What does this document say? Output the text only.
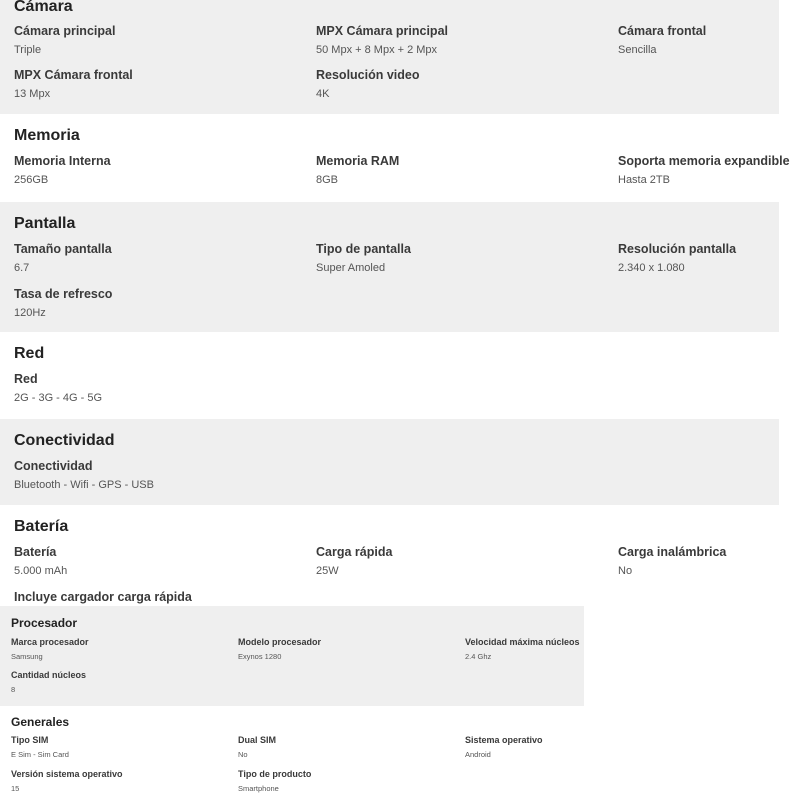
Cámara
Cámara principal
Triple
MPX Cámara principal
50 Mpx + 8 Mpx + 2 Mpx
Cámara frontal
Sencilla
MPX Cámara frontal
13 Mpx
Resolución video
4K
Memoria
Memoria Interna
256GB
Memoria RAM
8GB
Soporta memoria expandible
Hasta 2TB
Pantalla
Tamaño pantalla
6.7
Tipo de pantalla
Super Amoled
Resolución pantalla
2.340 x 1.080
Tasa de refresco
120Hz
Red
Red
2G - 3G - 4G - 5G
Conectividad
Conectividad
Bluetooth - Wifi - GPS - USB
Batería
Batería
5.000 mAh
Carga rápida
25W
Carga inalámbrica
No
Incluye cargador carga rápida
Procesador
Marca procesador
Samsung
Modelo procesador
Exynos 1280
Velocidad máxima núcleos
2.4 Ghz
Cantidad núcleos
8
Generales
Tipo SIM
E Sim - Sim Card
Dual SIM
No
Sistema operativo
Android
Versión sistema operativo
15
Tipo de producto
Smartphone
